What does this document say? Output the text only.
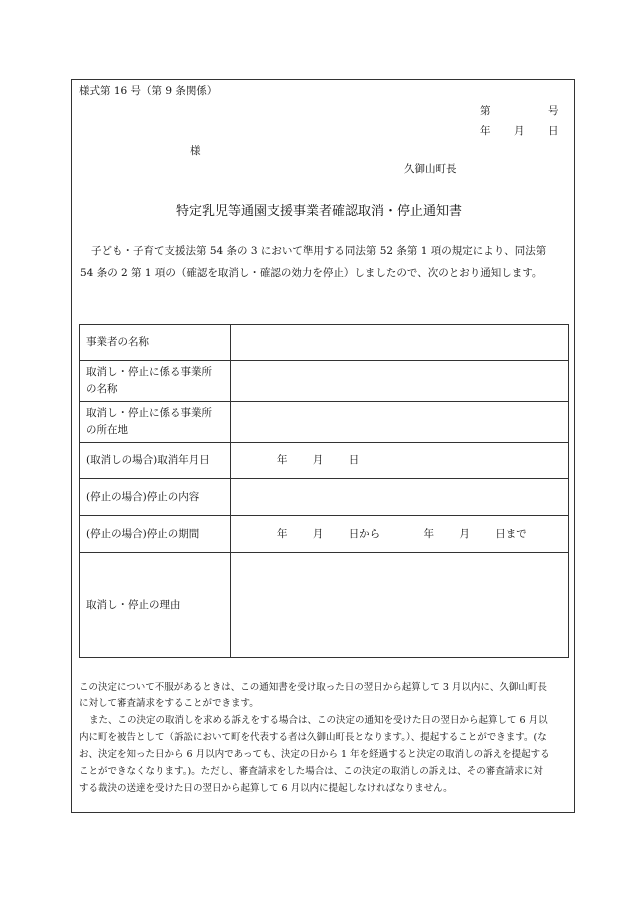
様式第 16 号（第 9 条関係）
第	号
年 月 日
様
久御山町長
特定乳児等通園支援事業者確認取消・停止通知書
子ども・子育て支援法第 54 条の 3 において準用する同法第 52 条第 1 項の規定により、同法第
54 条の 2 第 1 項の（確認を取消し・確認の効力を停止）しましたので、次のとおり通知します。
事業者の名称	

取消し・停止に係る事業所
の名称	

取消し・停止に係る事業所
の所在地	

(取消しの場合)取消年月日	年 月 日
(停止の場合)停止の内容	
(停止の場合)停止の期間	年 月 日から 年 月 日まで
取消し・停止の理由	
この決定について不服があるときは、この通知書を受け取った日の翌日から起算して 3 月以内に、久御山町長
に対して審査請求をすることができます。
また、この決定の取消しを求める訴えをする場合は、この決定の通知を受けた日の翌日から起算して 6 月以
内に町を被告として（訴訟において町を代表する者は久御山町長となります。）、提起することができます。(な
お、決定を知った日から 6 月以内であっても、決定の日から 1 年を経過すると決定の取消しの訴えを提起する
ことができなくなります。)。ただし、審査請求をした場合は、この決定の取消しの訴えは、その審査請求に対
する裁決の送達を受けた日の翌日から起算して 6 月以内に提起しなければなりません。
